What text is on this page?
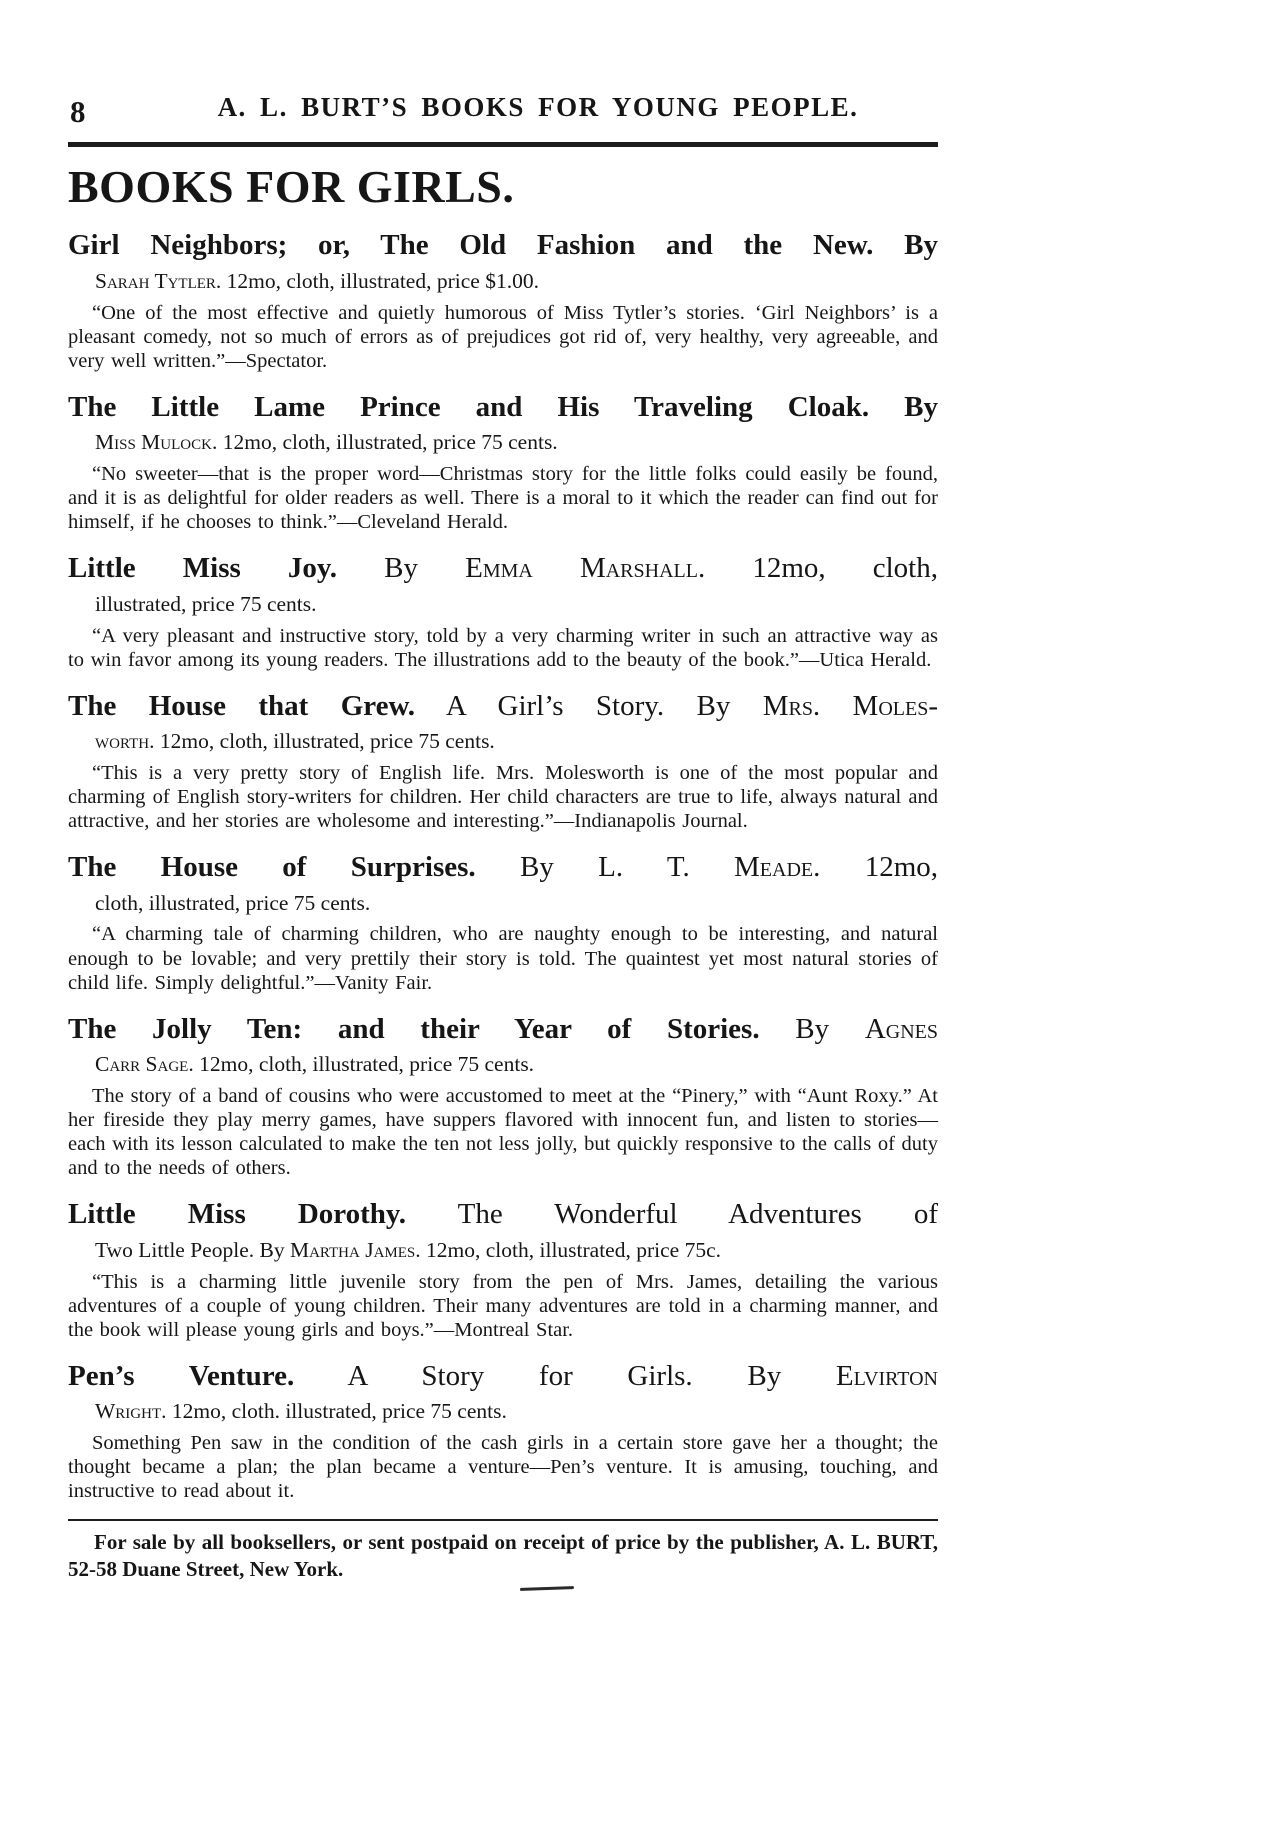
8	A. L. BURT’S BOOKS FOR YOUNG PEOPLE.
BOOKS FOR GIRLS.
Girl Neighbors; or, The Old Fashion and the New. By
Sarah Tytler. 12mo, cloth, illustrated, price $1.00.

“One of the most effective and quietly humorous of Miss Tytler’s stories. ‘Girl Neighbors’ is a pleasant comedy, not so much of errors as of prejudices got rid of, very healthy, very agreeable, and very well written.”—Spectator.

The Little Lame Prince and His Traveling Cloak. By
Miss Mulock. 12mo, cloth, illustrated, price 75 cents.

“No sweeter—that is the proper word—Christmas story for the little folks could easily be found, and it is as delightful for older readers as well. There is a moral to it which the reader can find out for himself, if he chooses to think.”—Cleveland Herald.

Little Miss Joy. By Emma Marshall. 12mo, cloth,
illustrated, price 75 cents.

“A very pleasant and instructive story, told by a very charming writer in such an attractive way as to win favor among its young readers. The illustrations add to the beauty of the book.”—Utica Herald.

The House that Grew. A Girl’s Story. By Mrs. Moles-
worth. 12mo, cloth, illustrated, price 75 cents.

“This is a very pretty story of English life. Mrs. Molesworth is one of the most popular and charming of English story-writers for children. Her child characters are true to life, always natural and attractive, and her stories are wholesome and interesting.”—Indianapolis Journal.

The House of Surprises. By L. T. Meade. 12mo,
cloth, illustrated, price 75 cents.

“A charming tale of charming children, who are naughty enough to be interesting, and natural enough to be lovable; and very prettily their story is told. The quaintest yet most natural stories of child life. Simply delightful.”—Vanity Fair.

The Jolly Ten: and their Year of Stories. By Agnes
Carr Sage. 12mo, cloth, illustrated, price 75 cents.

The story of a band of cousins who were accustomed to meet at the “Pinery,” with “Aunt Roxy.” At her fireside they play merry games, have suppers flavored with innocent fun, and listen to stories—each with its lesson calculated to make the ten not less jolly, but quickly responsive to the calls of duty and to the needs of others.

Little Miss Dorothy. The Wonderful Adventures of
Two Little People. By Martha James. 12mo, cloth, illustrated, price 75c.

“This is a charming little juvenile story from the pen of Mrs. James, detailing the various adventures of a couple of young children. Their many adventures are told in a charming manner, and the book will please young girls and boys.”—Montreal Star.

Pen’s Venture. A Story for Girls. By Elvirton
Wright. 12mo, cloth. illustrated, price 75 cents.

Something Pen saw in the condition of the cash girls in a certain store gave her a thought; the thought became a plan; the plan became a venture—Pen’s venture. It is amusing, touching, and instructive to read about it.

For sale by all booksellers, or sent postpaid on receipt of price by the publisher, A. L. BURT, 52-58 Duane Street, New York.
